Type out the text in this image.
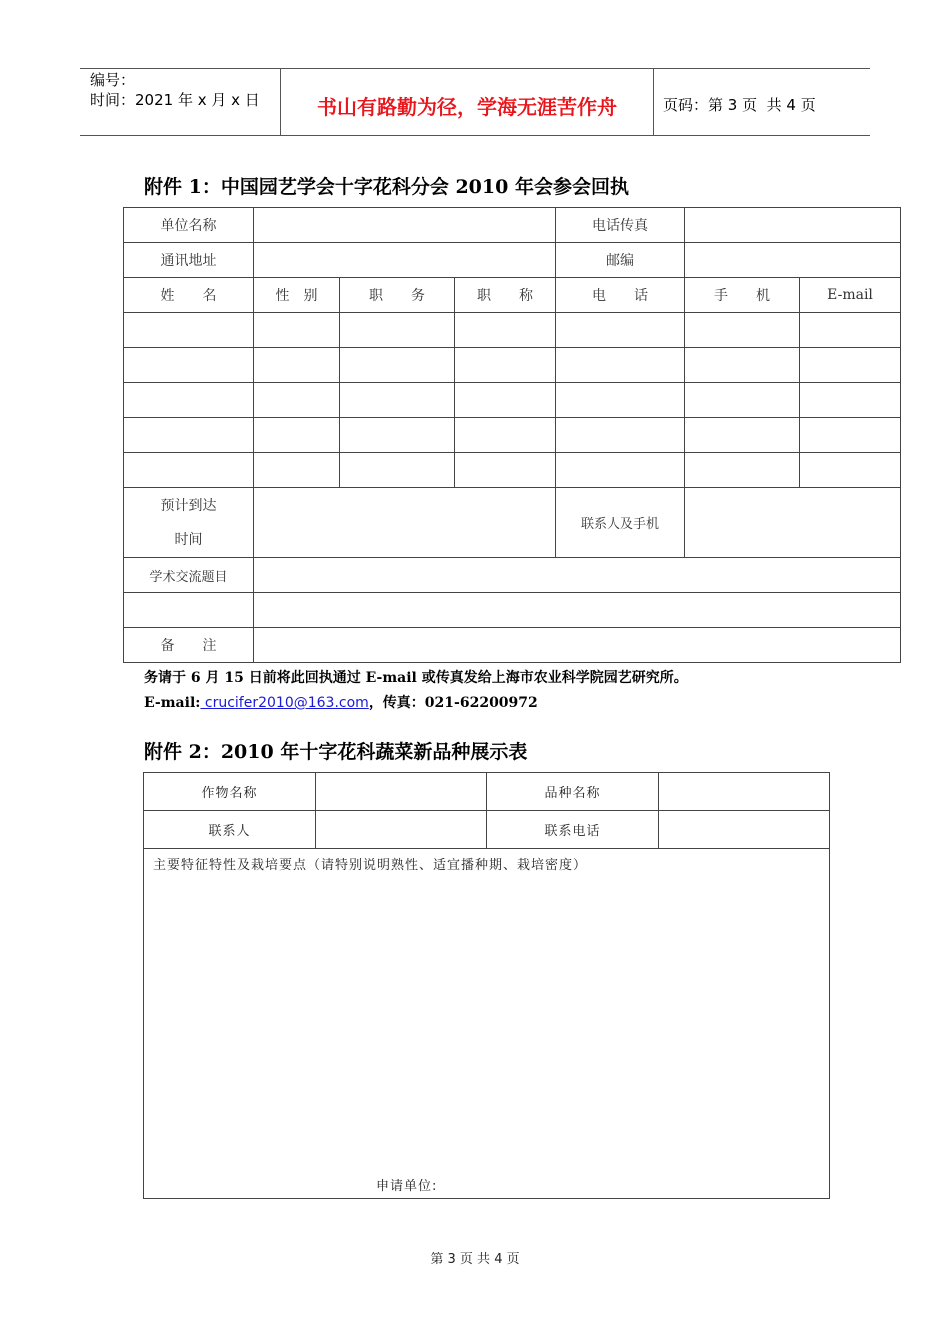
编号：
时间：2021 年 x 月 x 日	书山有路勤为径，学海无涯苦作舟	页码：第 3 页  共 4 页
附件 1：中国园艺学会十字花科分会 2010 年会参会回执
单位名称				电话传真		
通讯地址				邮编		
姓　　名	性　别	职　　务	职　　称	电　　话	手　　机	E-mail

预计到达
时间				联系人及手机		
学术交流题目						

备　　注						
务请于 6 月 15 日前将此回执通过 E-mail 或传真发给上海市农业科学院园艺研究所。
E-mail: crucifer2010@163.com，传真：021-62200972
附件 2：2010 年十字花科蔬菜新品种展示表
作物名称		品种名称	
联系人		联系电话	

主要特征特性及栽培要点（请特别说明熟性、适宜播种期、栽培密度）
申请单位:			
第 3 页 共 4 页
